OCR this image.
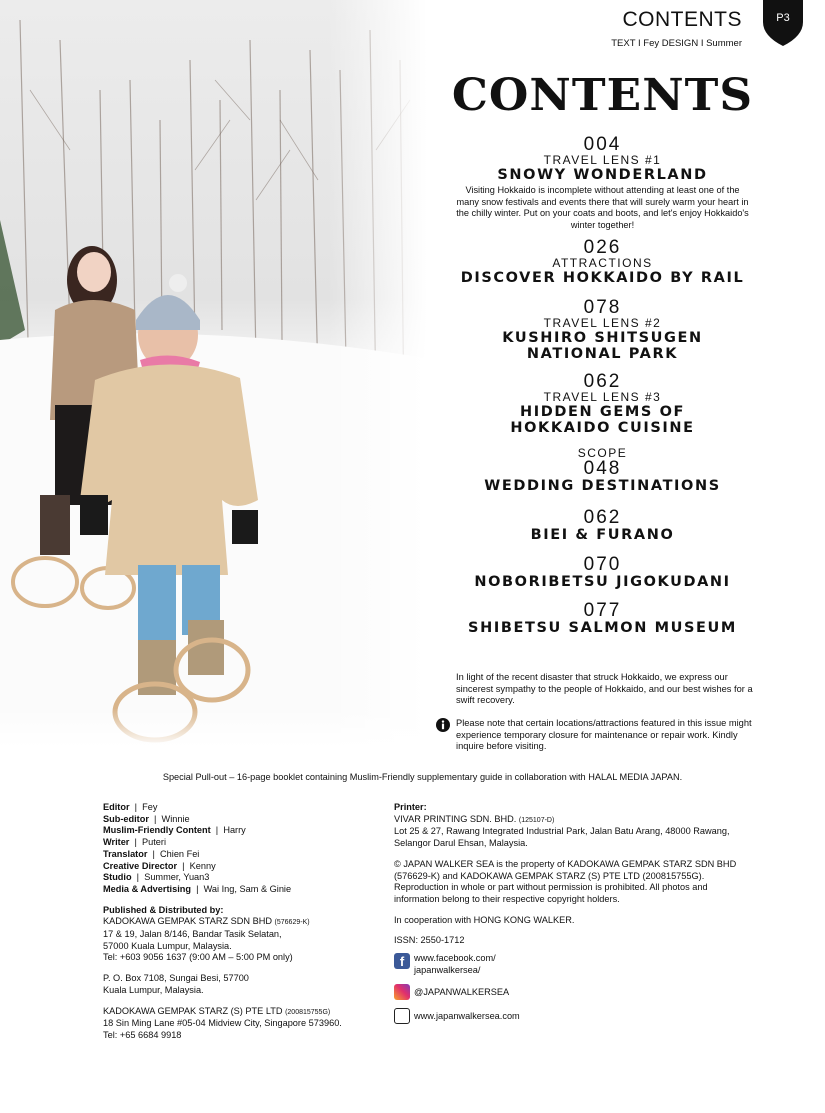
CONTENTS
TEXT I Fey DESIGN I Summer
P3
CONTENTS
004
TRAVEL LENS #1
SNOWY WONDERLAND
Visiting Hokkaido is incomplete without attending at least one of the many snow festivals and events there that will surely warm your heart in the chilly winter. Put on your coats and boots, and let's enjoy Hokkaido's winter together!
026
ATTRACTIONS
DISCOVER HOKKAIDO BY RAIL
078
TRAVEL LENS #2
KUSHIRO SHITSUGEN
NATIONAL PARK
062
TRAVEL LENS #3
HIDDEN GEMS OF
HOKKAIDO CUISINE
SCOPE
048
WEDDING DESTINATIONS
062
BIEI & FURANO
070
NOBORIBETSU JIGOKUDANI
077
SHIBETSU SALMON MUSEUM
In light of the recent disaster that struck Hokkaido, we express our sincerest sympathy to the people of Hokkaido, and our best wishes for a swift recovery.
Please note that certain locations/attractions featured in this issue might experience temporary closure for maintenance or repair work. Kindly inquire before visiting.
Special Pull-out – 16-page booklet containing Muslim-Friendly supplementary guide in collaboration with HALAL MEDIA JAPAN.
Editor  |  Fey
Sub-editor  |  Winnie
Muslim-Friendly Content  |  Harry
Writer  |  Puteri
Translator  |  Chien Fei
Creative Director  |  Kenny
Studio  |  Summer, Yuan3
Media & Advertising  |  Wai Ing, Sam & Ginie
Published & Distributed by:
KADOKAWA GEMPAK STARZ SDN BHD (576629-K)
17 & 19, Jalan 8/146, Bandar Tasik Selatan,
57000 Kuala Lumpur, Malaysia.
Tel: +603 9056 1637 (9:00 AM – 5:00 PM only)
P. O. Box 7108, Sungai Besi, 57700
Kuala Lumpur, Malaysia.
KADOKAWA GEMPAK STARZ (S) PTE LTD (200815755G)
18 Sin Ming Lane #05-04 Midview City, Singapore 573960.
Tel: +65 6684 9918
Printer:
VIVAR PRINTING SDN. BHD. (125107-D)
Lot 25 & 27, Rawang Integrated Industrial Park, Jalan Batu Arang, 48000 Rawang,
Selangor Darul Ehsan, Malaysia.
© JAPAN WALKER SEA is the property of KADOKAWA GEMPAK STARZ SDN BHD (576629-K) and KADOKAWA GEMPAK STARZ (S) PTE LTD (200815755G). Reproduction in whole or part without permission is prohibited. All photos and information belong to their respective copyright holders.
In cooperation with HONG KONG WALKER.
ISSN: 2550-1712
f	www.facebook.com/
japanwalkersea/
@JAPANWALKERSEA
www.japanwalkersea.com
